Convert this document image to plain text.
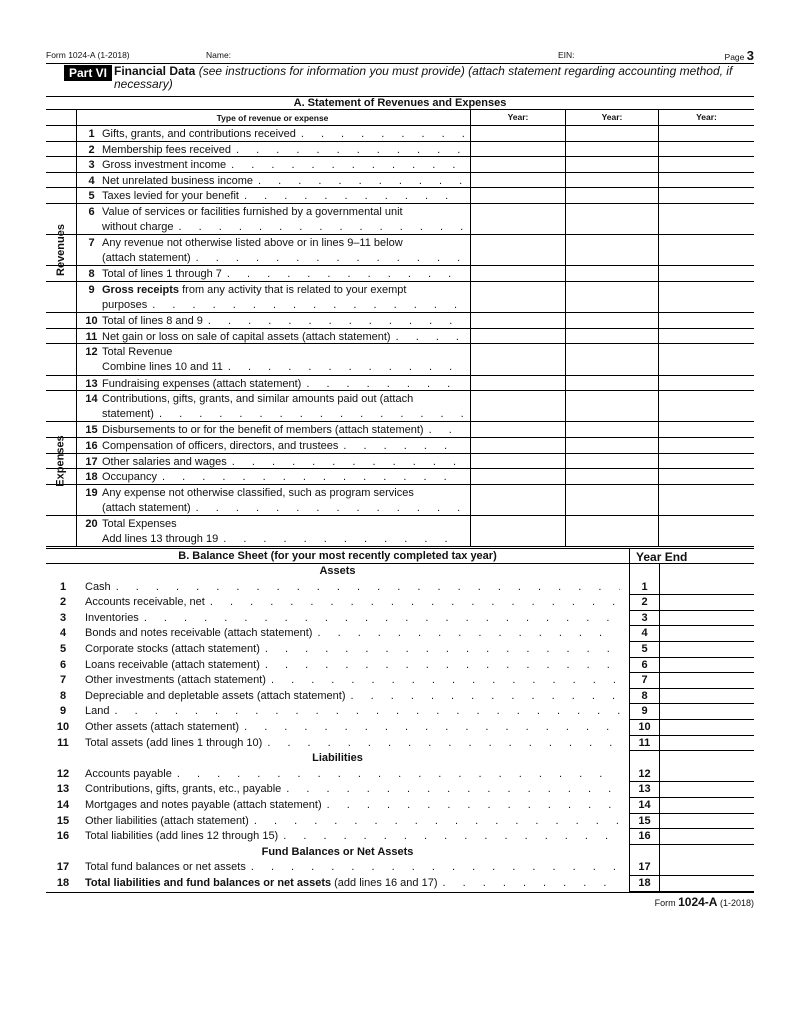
Form 1024-A (1-2018)	Name:	EIN:	Page 3
Part VI Financial Data (see instructions for information you must provide) (attach statement regarding accounting method, if necessary)
A. Statement of Revenues and Expenses
Type of revenue or expense	Year:	Year:	Year:
1 Gifts, grants, and contributions received
. . .
2 Membership fees received
. . .
3 Gross investment income
. . .
4 Net unrelated business income
. . .
5 Taxes levied for your benefit
. . .
6 Value of services or facilities furnished by a governmental unit
without charge
. . .
7 Any revenue not otherwise listed above or in lines 9–11 below
(attach statement)
. . .
8 Total of lines 1 through 7
. . .
9 Gross receipts from any activity that is related to your exempt
purposes
. . .
10 Total of lines 8 and 9
. . .
11 Net gain or loss on sale of capital assets (attach statement)
. . .
12 Total Revenue
Combine lines 10 and 11
. . .
13 Fundraising expenses (attach statement)
. . .
14 Contributions, gifts, grants, and similar amounts paid out (attach
statement)
. . .
15 Disbursements to or for the benefit of members (attach statement)
. . .
16 Compensation of officers, directors, and trustees
. . .
17 Other salaries and wages
. . .
18 Occupancy
. . .
19 Any expense not otherwise classified, such as program services
(attach statement)
. . .
20 Total Expenses
Add lines 13 through 19
. . .
Revenues
Expenses
B. Balance Sheet (for your most recently completed tax year)	Year End
Assets
1	Cash . . .	1
2	Accounts receivable, net . . .	2
3	Inventories . . .	3
4	Bonds and notes receivable (attach statement) . . .	4
5	Corporate stocks (attach statement) . . .	5
6	Loans receivable (attach statement) . . .	6
7	Other investments (attach statement) . . .	7
8	Depreciable and depletable assets (attach statement) . . .	8
9	Land . . .	9
10	Other assets (attach statement) . . .	10
11	Total assets (add lines 1 through 10) . . .	11
Liabilities
12	Accounts payable . . .	12
13	Contributions, gifts, grants, etc., payable . . .	13
14	Mortgages and notes payable (attach statement) . . .	14
15	Other liabilities (attach statement) . . .	15
16	Total liabilities (add lines 12 through 15) . . .	16
Fund Balances or Net Assets
17	Total fund balances or net assets . . .	17
18	Total liabilities and fund balances or net assets (add lines 16 and 17) . . .	18
Form 1024-A (1-2018)
